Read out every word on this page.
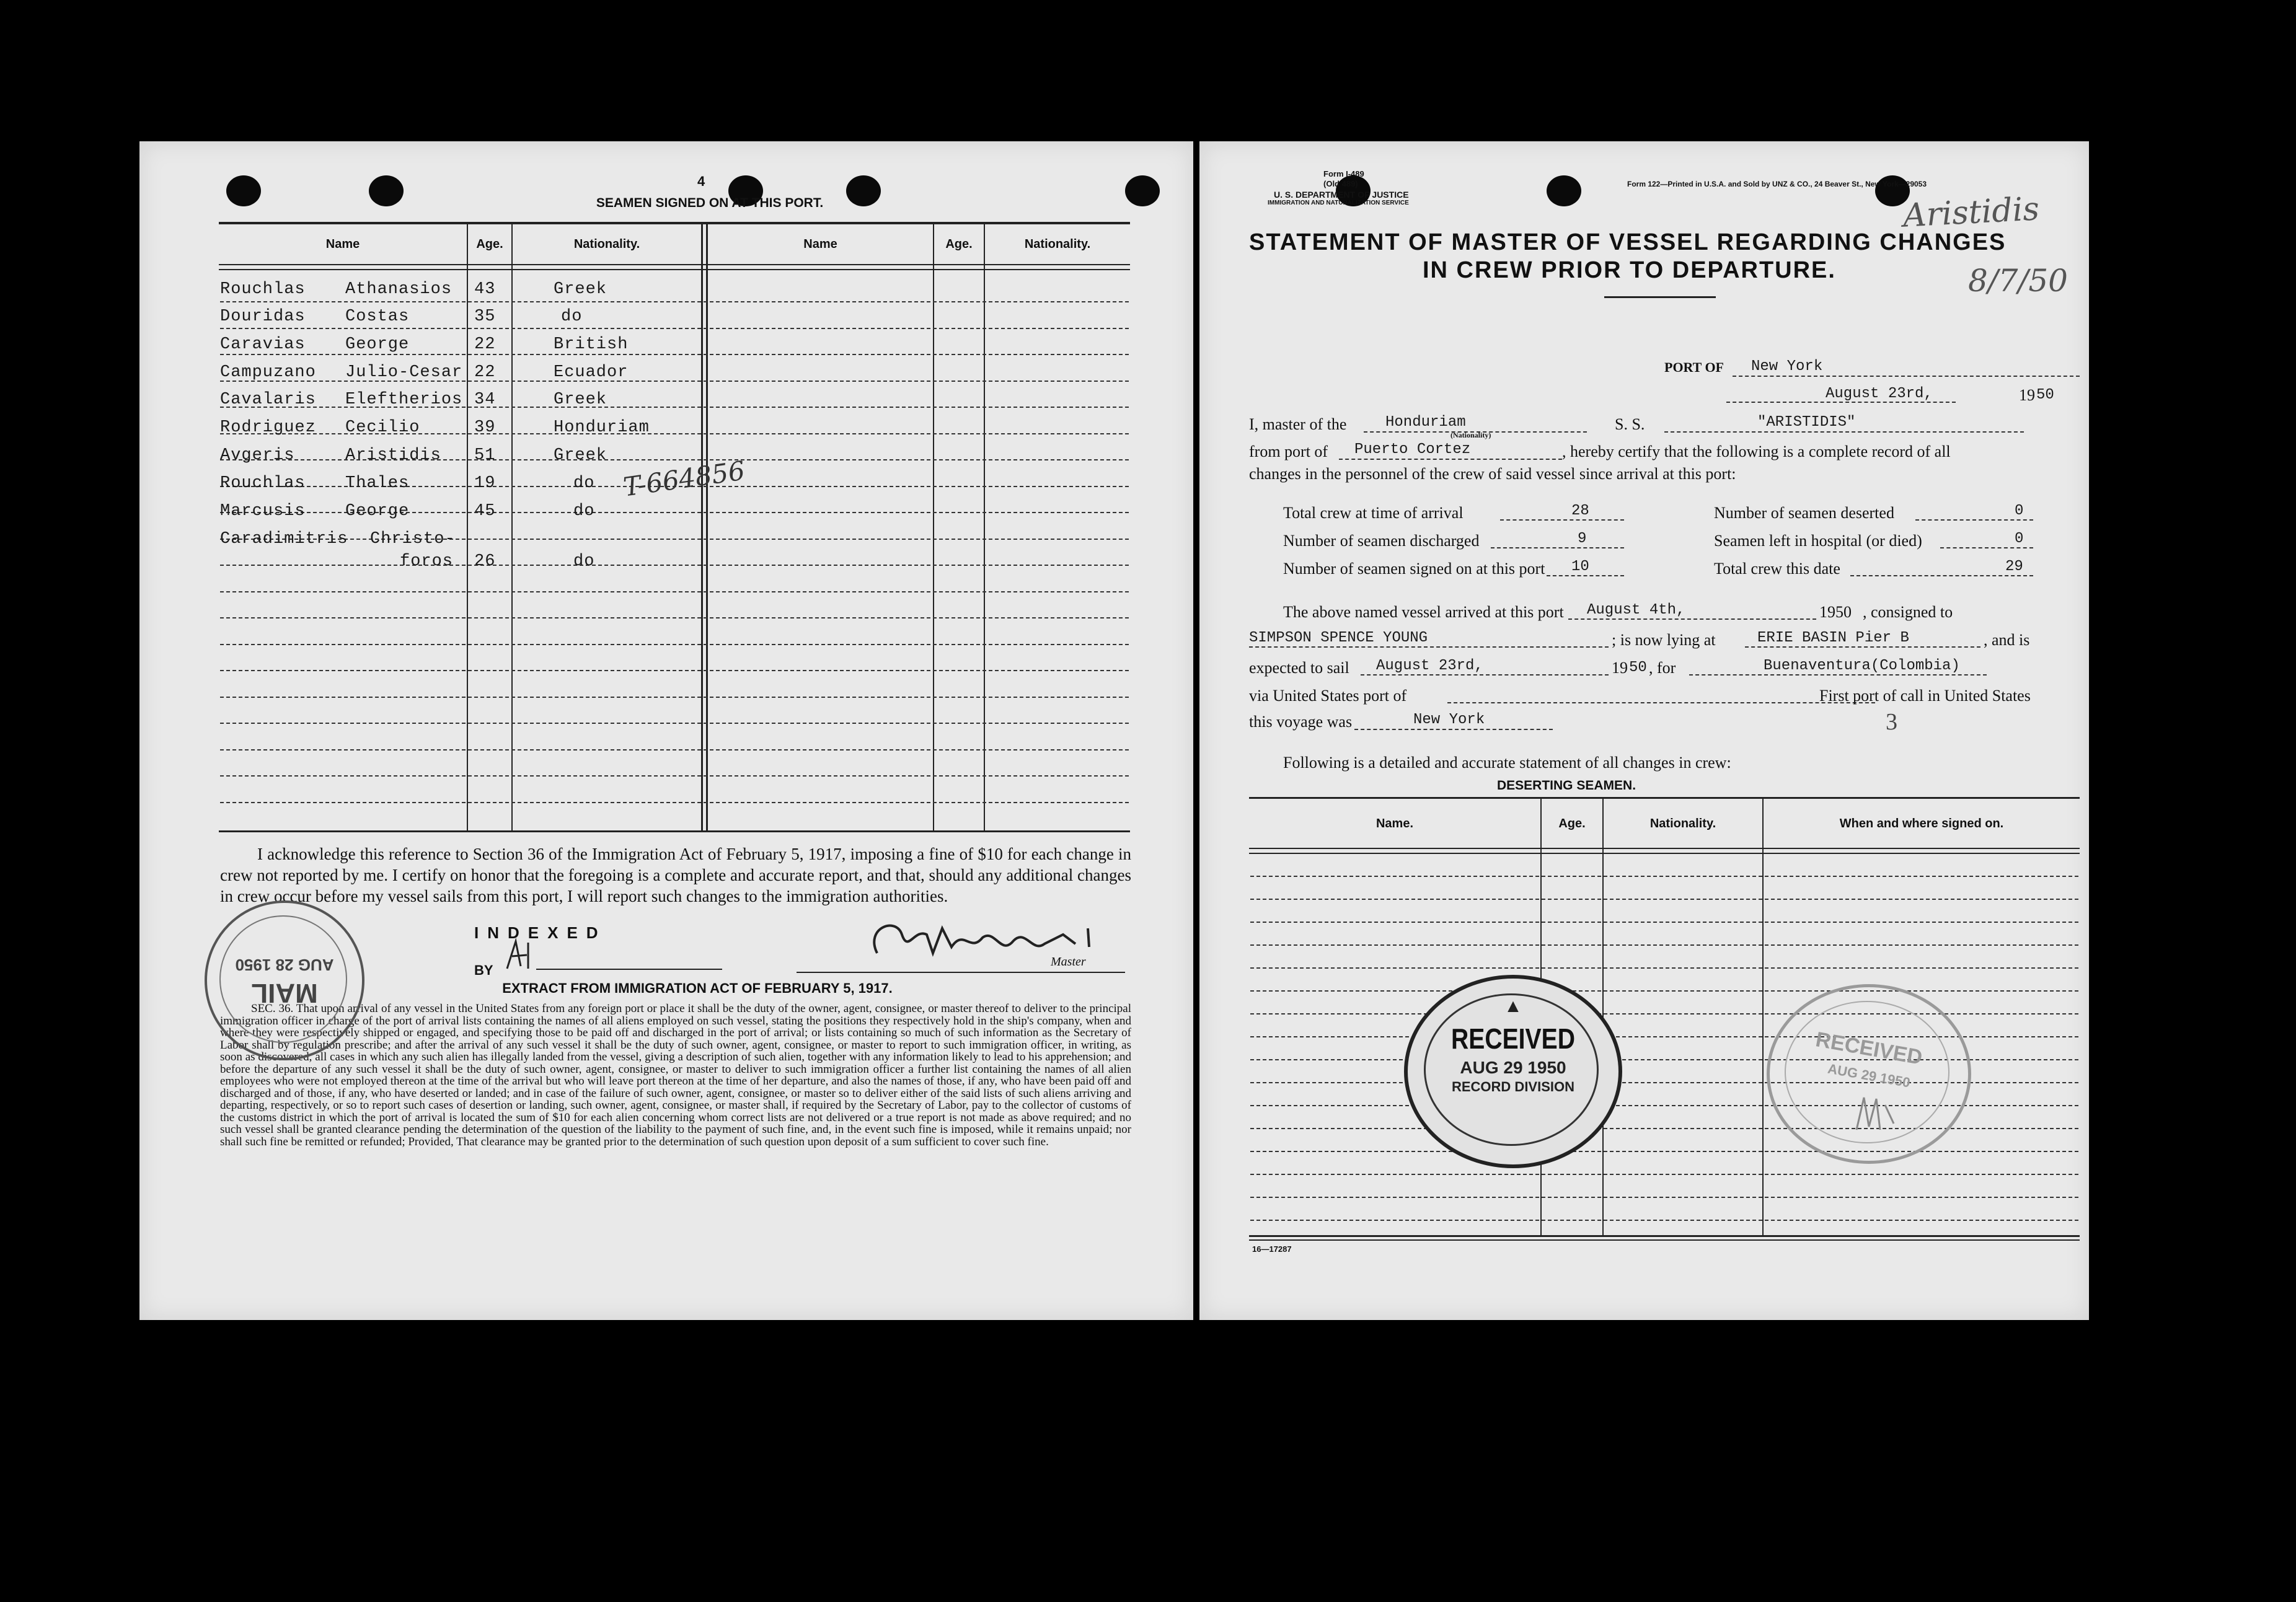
4
SEAMEN SIGNED ON AT THIS PORT.
Name	Age.	Nationality.	Name	Age.	Nationality.
Rouchlas Athanasios 43	Greek
Douridas Costas	35	do
Caravias George	22	British
Campuzano Julio-Cesar 22	Ecuador
Cavalaris Eleftherios 34	Greek
Rodriguez Cecilio	39	Honduriam
Avgeris	Aristidis 51	Greek
Rouchlas Thales	19	do
Marcusis George	45	do
Caradimitris Christo-
foros 26	do
T-664856
I acknowledge this reference to Section 36 of the Immigration Act of February 5, 1917, imposing a fine of $10 for each change in crew not reported by me. I certify on honor that the foregoing is a complete and accurate report, and that, should any additional changes in crew occur before my vessel sails from this port, I will report such changes to the immigration authorities.
INDEXED
BY
Master
EXTRACT FROM IMMIGRATION ACT OF FEBRUARY 5, 1917.
SEC. 36. That upon arrival of any vessel in the United States from any foreign port or place it shall be the duty of the owner, agent, consignee, or master thereof to deliver to the principal immigration officer in charge of the port of arrival lists containing the names of all aliens employed on such vessel, stating the positions they respectively hold in the ship's company, when and where they were respectively shipped or engaged, and specifying those to be paid off and discharged in the port of arrival; or lists containing so much of such information as the Secretary of Labor shall by regulation prescribe; and after the arrival of any such vessel it shall be the duty of such owner, agent, consignee, or master to report to such immigration officer, in writing, as soon as discovered, all cases in which any such alien has illegally landed from the vessel, giving a description of such alien, together with any information likely to lead to his apprehension; and before the departure of any such vessel it shall be the duty of such owner, agent, consignee, or master to deliver to such immigration officer a further list containing the names of all alien employees who were not employed thereon at the time of the arrival but who will leave port thereon at the time of her departure, and also the names of those, if any, who have been paid off and discharged and of those, if any, who have deserted or landed; and in case of the failure of such owner, agent, consignee, or master so to deliver either of the said lists of such aliens arriving and departing, respectively, or so to report such cases of desertion or landing, such owner, agent, consignee, or master shall, if required by the Secretary of Labor, pay to the collector of customs of the customs district in which the port of arrival is located the sum of $10 for each alien concerning whom correct lists are not delivered or a true report is not made as above required; and no such vessel shall be granted clearance pending the determination of the question of the liability to the payment of such fine, and, in the event such fine is imposed, while it remains unpaid; nor shall such fine be remitted or refunded; Provided, That clearance may be granted prior to the determination of such question upon deposit of a sum sufficient to cover such fine.
MAIL
AUG 28 1950
Form I-489
(Old 489)
U. S. DEPARTMENT OF JUSTICE
IMMIGRATION AND NATURALIZATION SERVICE
Form 122—Printed in U.S.A. and Sold by UNZ & CO., 24 Beaver St., New York—29053
STATEMENT OF MASTER OF VESSEL REGARDING CHANGES
IN CREW PRIOR TO DEPARTURE.
Aristidis
8/7/50
PORT OF New York
August 23rd,	19 50
I, master of the	Honduriam
(Nationality)
S. S.	"ARISTIDIS"
from port of Puerto Cortez	, hereby certify that the following is a complete record of all
changes in the personnel of the crew of said vessel since arrival at this port:
Total crew at time of arrival	28	Number of seamen deserted	0
Number of seamen discharged	9	Seamen left in hospital (or died)	0
Number of seamen signed on at this port 10	Total crew this date	29
The above named vessel arrived at this port August 4th,	1950 , consigned to
SIMPSON SPENCE YOUNG	; is now lying at	ERIE BASIN Pier B	, and is
expected to sail August 23rd,	19 50 , for	Buenaventura(Colombia)
via United States port of	First port of call in United States
this voyage was	New York	3
Following is a detailed and accurate statement of all changes in crew:
DESERTING SEAMEN.
Name.	Age.	Nationality.	When and where signed on.
▲
RECEIVED
AUG 29 1950
RECORD DIVISION
RECEIVED
AUG 29 1950
16—17287
